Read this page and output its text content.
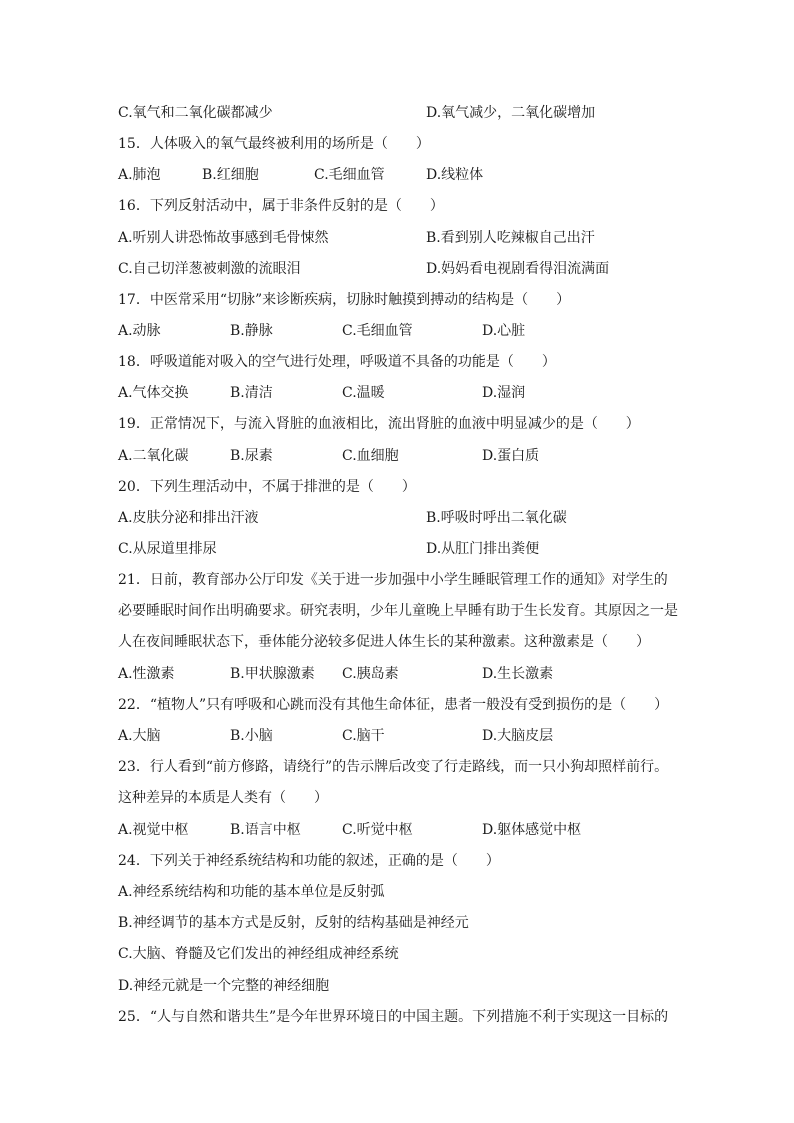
C.氧气和二氧化碳都减少	D.氧气减少，二氧化碳增加
15．人体吸入的氧气最终被利用的场所是（　　）
A.肺泡	B.红细胞	C.毛细血管	D.线粒体
16．下列反射活动中，属于非条件反射的是（　　）
A.听别人讲恐怖故事感到毛骨悚然	B.看到别人吃辣椒自己出汗
C.自己切洋葱被刺激的流眼泪	D.妈妈看电视剧看得泪流满面
17．中医常采用“切脉”来诊断疾病，切脉时触摸到搏动的结构是（　　）
A.动脉	B.静脉	C.毛细血管	D.心脏
18．呼吸道能对吸入的空气进行处理，呼吸道不具备的功能是（　　）
A.气体交换	B.清洁	C.温暖	D.湿润
19．正常情况下，与流入肾脏的血液相比，流出肾脏的血液中明显减少的是（　　）
A.二氧化碳	B.尿素	C.血细胞	D.蛋白质
20．下列生理活动中，不属于排泄的是（　　）
A.皮肤分泌和排出汗液	B.呼吸时呼出二氧化碳
C.从尿道里排尿	D.从肛门排出粪便
21．日前，教育部办公厅印发《关于进一步加强中小学生睡眠管理工作的通知》对学生的
必要睡眠时间作出明确要求。研究表明，少年儿童晚上早睡有助于生长发育。其原因之一是
人在夜间睡眠状态下，垂体能分泌较多促进人体生长的某种激素。这种激素是（　　）
A.性激素	B.甲状腺激素 C.胰岛素	D.生长激素
22．“植物人”只有呼吸和心跳而没有其他生命体征，患者一般没有受到损伤的是（　　）
A.大脑	B.小脑	C.脑干	D.大脑皮层
23．行人看到“前方修路，请绕行”的告示牌后改变了行走路线，而一只小狗却照样前行。
这种差异的本质是人类有（　　）
A.视觉中枢	B.语言中枢	C.听觉中枢	D.躯体感觉中枢
24．下列关于神经系统结构和功能的叙述，正确的是（　　）
A.神经系统结构和功能的基本单位是反射弧
B.神经调节的基本方式是反射，反射的结构基础是神经元
C.大脑、脊髓及它们发出的神经组成神经系统
D.神经元就是一个完整的神经细胞
25．“人与自然和谐共生”是今年世界环境日的中国主题。下列措施不利于实现这一目标的
